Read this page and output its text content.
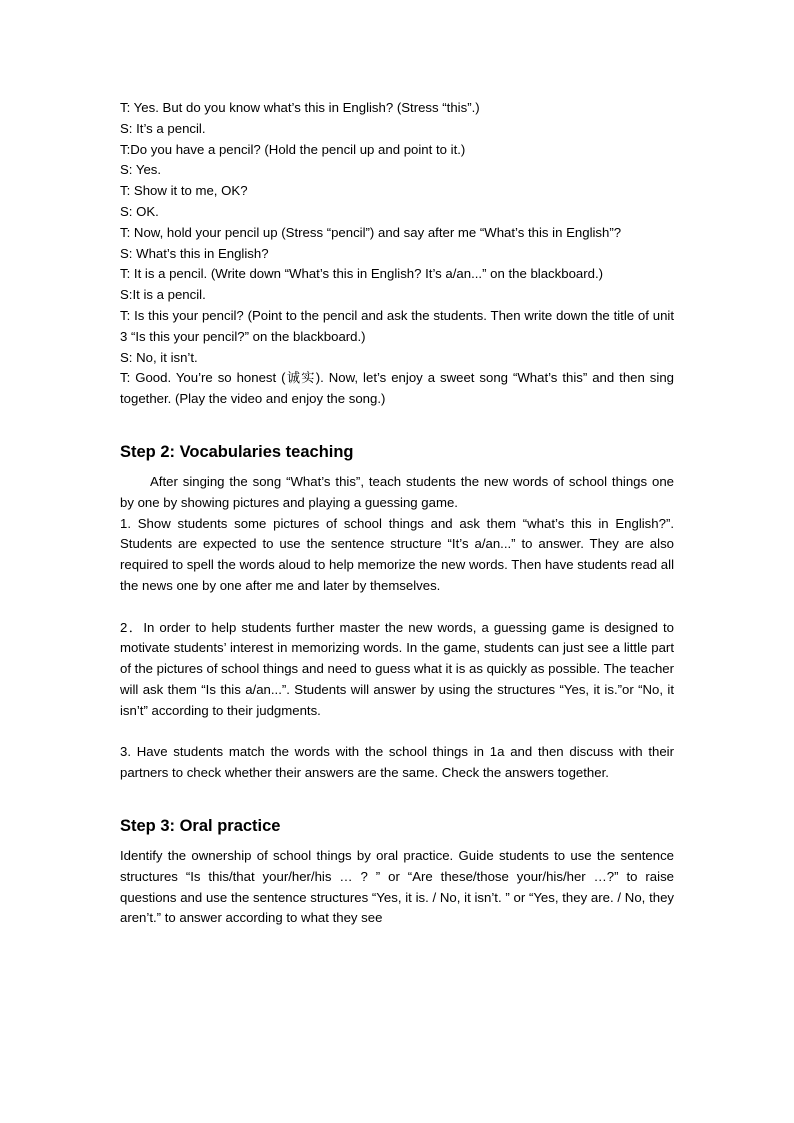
T: Yes. But do you know what’s this in English? (Stress “this”.)

S: It’s a pencil.

T:Do you have a pencil? (Hold the pencil up and point to it.)

S: Yes.

T: Show it to me, OK?

S: OK.

T: Now, hold your pencil up (Stress “pencil”) and say after me “What’s this in English”?

S: What’s this in English?

T: It is a pencil. (Write down “What’s this in English? It’s a/an...” on the blackboard.)

S:It is a pencil.

T: Is this your pencil? (Point to the pencil and ask the students. Then write down the title of unit 3 “Is this your pencil?” on the blackboard.)

S: No, it isn’t.

T: Good. You’re so honest (诚实). Now, let’s enjoy a sweet song “What’s this” and then sing together. (Play the video and enjoy the song.)

Step 2: Vocabularies teaching

After singing the song “What’s this”, teach students the new words of school things one by one by showing pictures and playing a guessing game.

1. Show students some pictures of school things and ask them “what’s this in English?”. Students are expected to use the sentence structure “It’s a/an...” to answer. They are also required to spell the words aloud to help memorize the new words. Then have students read all the news one by one after me and later by themselves.

2．In order to help students further master the new words, a guessing game is designed to motivate students’ interest in memorizing words. In the game, students can just see a little part of the pictures of school things and need to guess what it is as quickly as possible. The teacher will ask them “Is this a/an...”. Students will answer by using the structures “Yes, it is.”or “No, it isn’t” according to their judgments.

3. Have students match the words with the school things in 1a and then discuss with their partners to check whether their answers are the same. Check the answers together.

Step 3: Oral practice

Identify the ownership of school things by oral practice. Guide students to use the sentence structures “Is this/that your/her/his … ? ” or “Are these/those your/his/her …?” to raise questions and use the sentence structures “Yes, it is. / No, it isn’t. ” or “Yes, they are. / No, they aren’t.” to answer according to what they see
